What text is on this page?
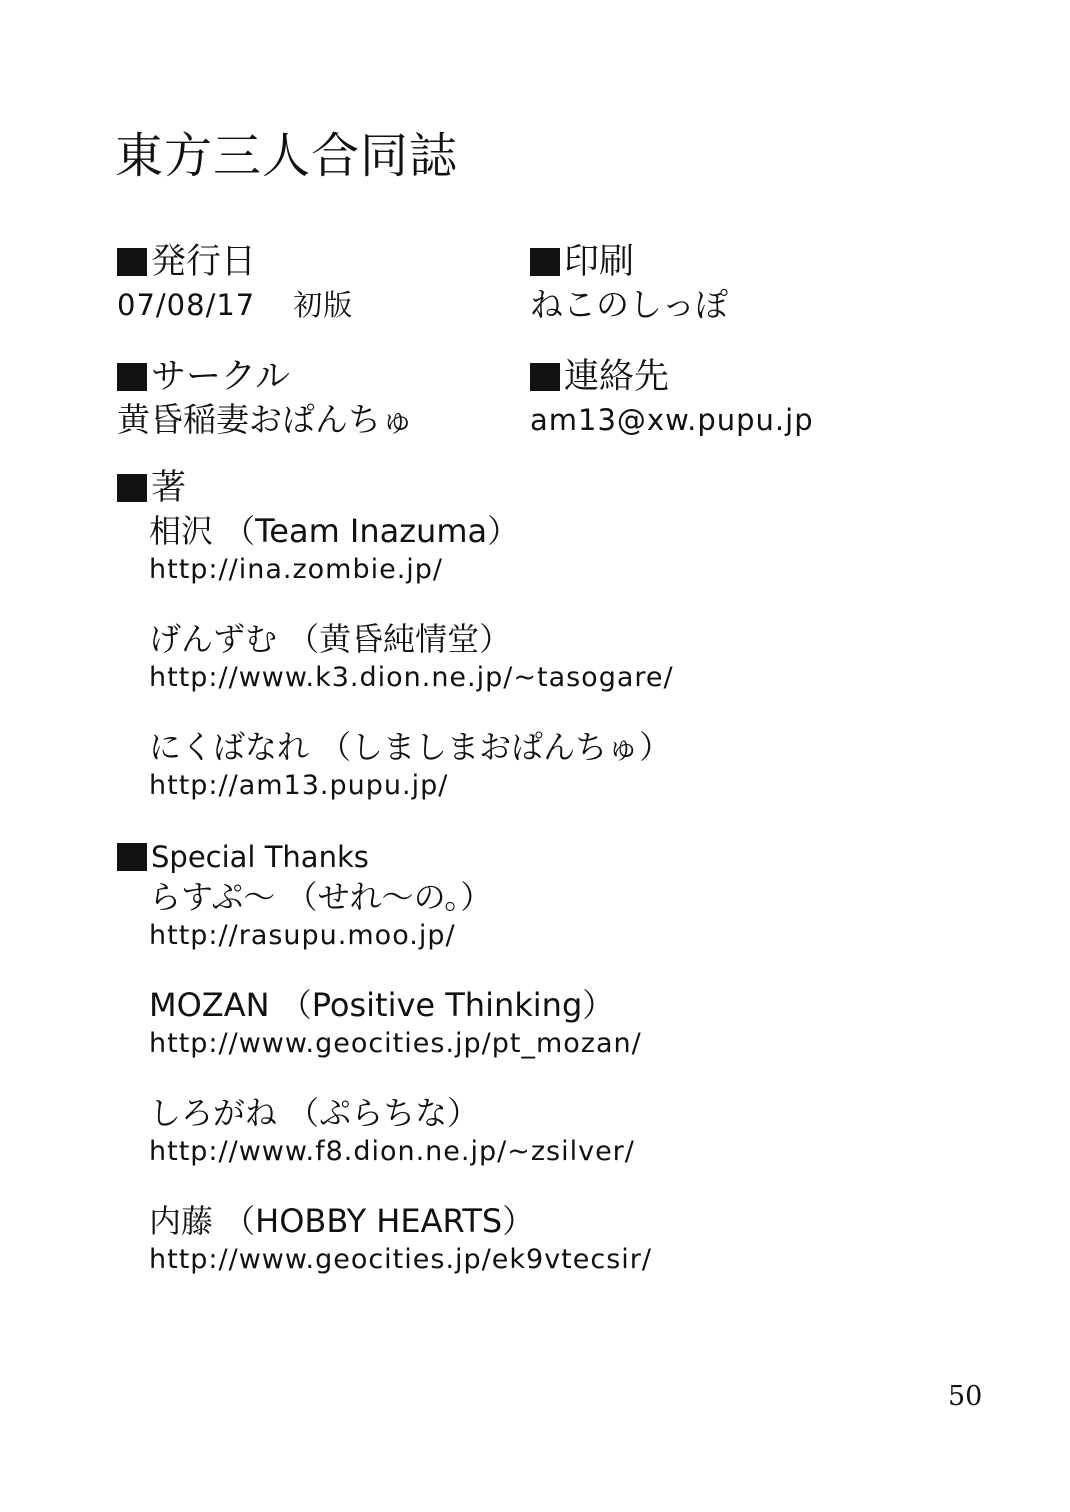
東方三人合同誌
発行日
07/08/17 初版
印刷
ねこのしっぽ
サークル
黄昏稲妻おぱんちゅ
連絡先
am13@xw.pupu.jp
著
相沢 （Team Inazuma）
http://ina.zombie.jp/
げんずむ （黄昏純情堂）
http://www.k3.dion.ne.jp/~tasogare/
にくばなれ （しましまおぱんちゅ）
http://am13.pupu.jp/
Special Thanks
らすぷ～ （せれ～の。）
http://rasupu.moo.jp/
MOZAN （Positive Thinking）
http://www.geocities.jp/pt_mozan/
しろがね （ぷらちな）
http://www.f8.dion.ne.jp/~zsilver/
内藤 （HOBBY HEARTS）
http://www.geocities.jp/ek9vtecsir/
50
